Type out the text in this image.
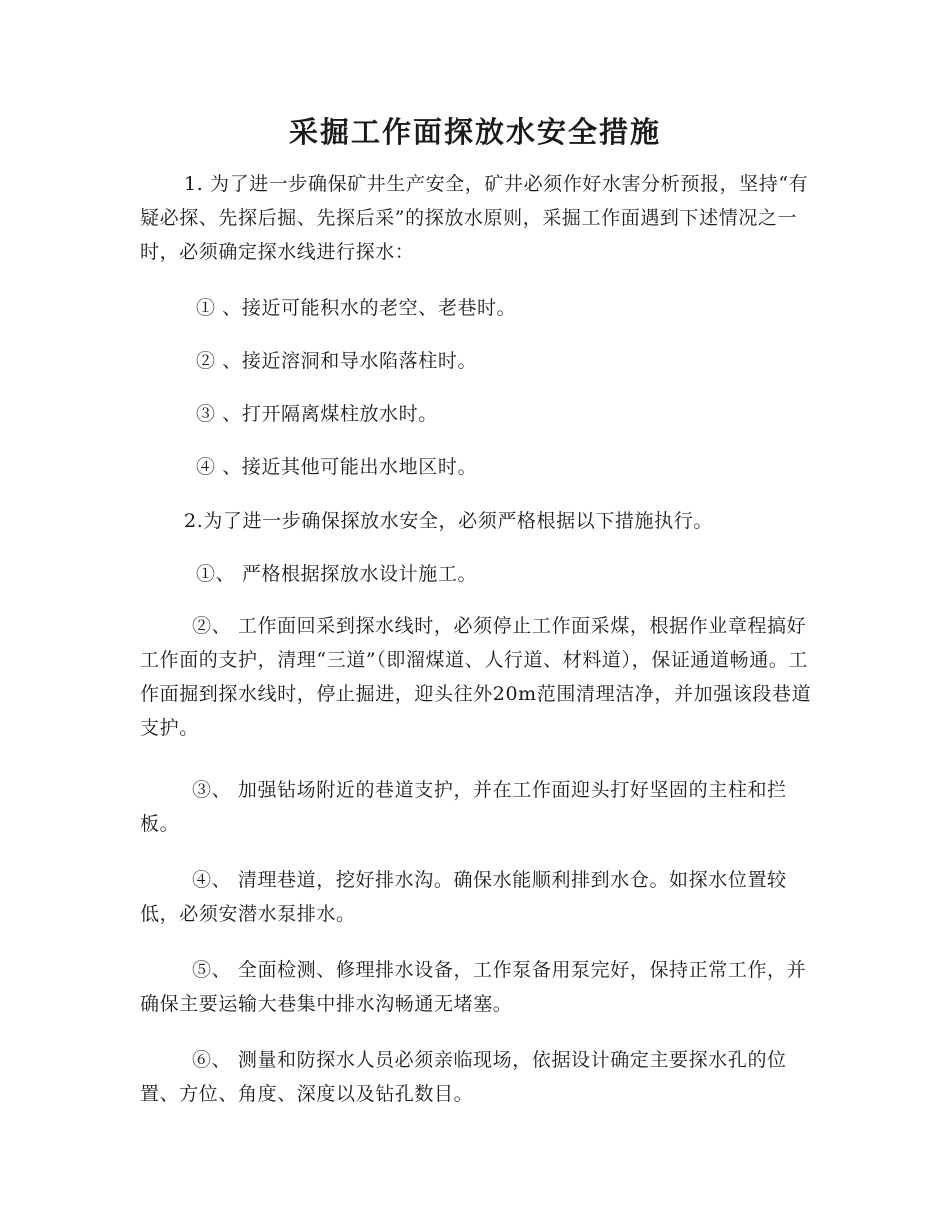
采掘工作面探放水安全措施

1. 为了进一步确保矿井生产安全，矿井必须作好水害分析预报，坚持“有疑必探、先探后掘、先探后采”的探放水原则，采掘工作面遇到下述情况之一时，必须确定探水线进行探水：

① 、接近可能积水的老空、老巷时。
② 、接近溶洞和导水陷落柱时。
③ 、打开隔离煤柱放水时。
④ 、接近其他可能出水地区时。
2.为了进一步确保探放水安全，必须严格根据以下措施执行。
①、 严格根据探放水设计施工。

②、 工作面回采到探水线时，必须停止工作面采煤，根据作业章程搞好工作面的支护，清理“三道”（即溜煤道、人行道、材料道），保证通道畅通。工作面掘到探水线时，停止掘进，迎头往外20m范围清理洁净，并加强该段巷道支护。

③、 加强钻场附近的巷道支护，并在工作面迎头打好坚固的主柱和拦板。

④、 清理巷道，挖好排水沟。确保水能顺利排到水仓。如探水位置较低，必须安潜水泵排水。

⑤、 全面检测、修理排水设备，工作泵备用泵完好，保持正常工作，并确保主要运输大巷集中排水沟畅通无堵塞。

⑥、 测量和防探水人员必须亲临现场，依据设计确定主要探水孔的位置、方位、角度、深度以及钻孔数目。
